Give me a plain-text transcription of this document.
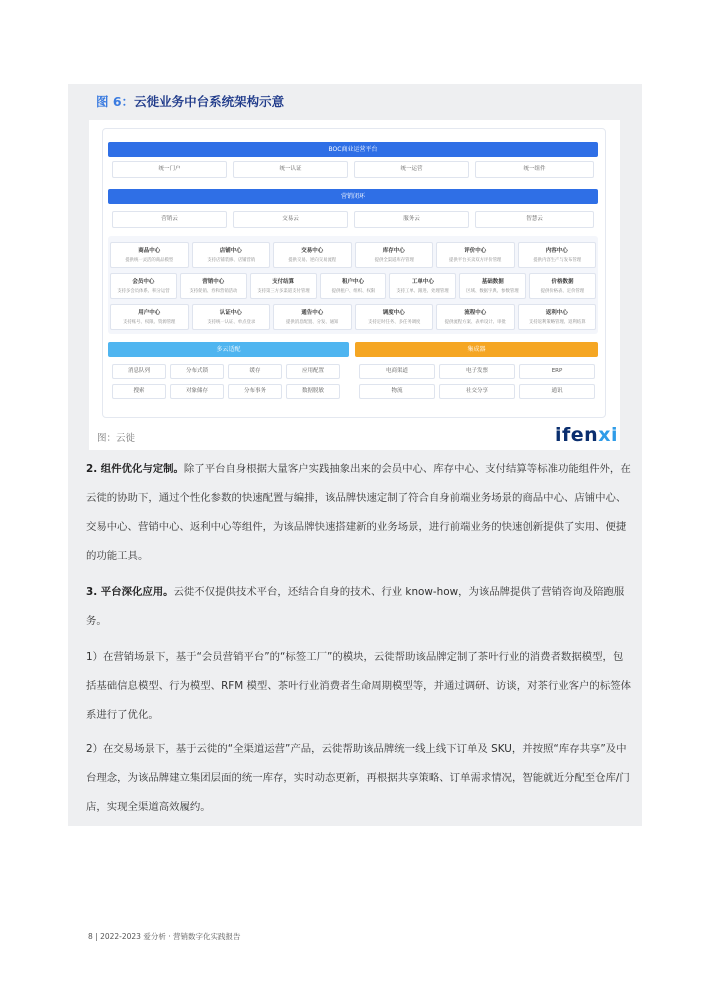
图 6：云徙业务中台系统架构示意
BOC商业运营平台
统一门户	统一认证	统一运营	统一组件
营销闭环
营销云	交易云	服务云	智慧云
商品中心
提供统一灵活的商品模型
店铺中心
支持店铺装修、店铺营销
交易中心
提供交易、逆向交易流程
库存中心
提供全渠道库存管理
评价中心
提供平台买卖双方评价管理
内容中心
提供内容生产与发布管理
会员中心
支持多会员体系、积分运营
营销中心
支持促销、券和营销活动
支付结算
支持第三方多渠道支付管理
租户中心
提供租户、组织、权限
工单中心
支持工单、跟进、处理管理
基础数据
区域、数据字典、参数管理
价格数据
提供价格表、定价管理
用户中心
支持账号、权限、资源管理
认证中心
支持统一认证、单点登录
通告中心
提供消息配置、分发、通知
调度中心
支持定时任务、多任务调度
流程中心
提供流程方案、表单设计、审批
返利中心
支持返利策略管理、返利结算
多云适配
消息队列	分布式锁	缓存	应用配置
搜索	对象储存	分布事务	数据脱敏
集成器
电商渠道	电子发票	ERP
物流	社交分享	通讯
图：云徙	ifenxi
2. 组件优化与定制。除了平台自身根据大量客户实践抽象出来的会员中心、库存中心、支付结算等标准功能组件外，在云徙的协助下，通过个性化参数的快速配置与编排，该品牌快速定制了符合自身前端业务场景的商品中心、店铺中心、交易中心、营销中心、返利中心等组件，为该品牌快速搭建新的业务场景，进行前端业务的快速创新提供了实用、便捷的功能工具。
3. 平台深化应用。云徙不仅提供技术平台，还结合自身的技术、行业 know-how，为该品牌提供了营销咨询及陪跑服务。
1）在营销场景下，基于“会员营销平台”的“标签工厂”的模块，云徙帮助该品牌定制了茶叶行业的消费者数据模型，包括基础信息模型、行为模型、RFM 模型、茶叶行业消费者生命周期模型等，并通过调研、访谈，对茶行业客户的标签体系进行了优化。
2）在交易场景下，基于云徙的“全渠道运营”产品，云徙帮助该品牌统一线上线下订单及 SKU，并按照“库存共享”及中台理念，为该品牌建立集团层面的统一库存，实时动态更新，再根据共享策略、订单需求情况，智能就近分配至仓库/门店，实现全渠道高效履约。
8 | 2022-2023 爱分析 · 营销数字化实践报告
